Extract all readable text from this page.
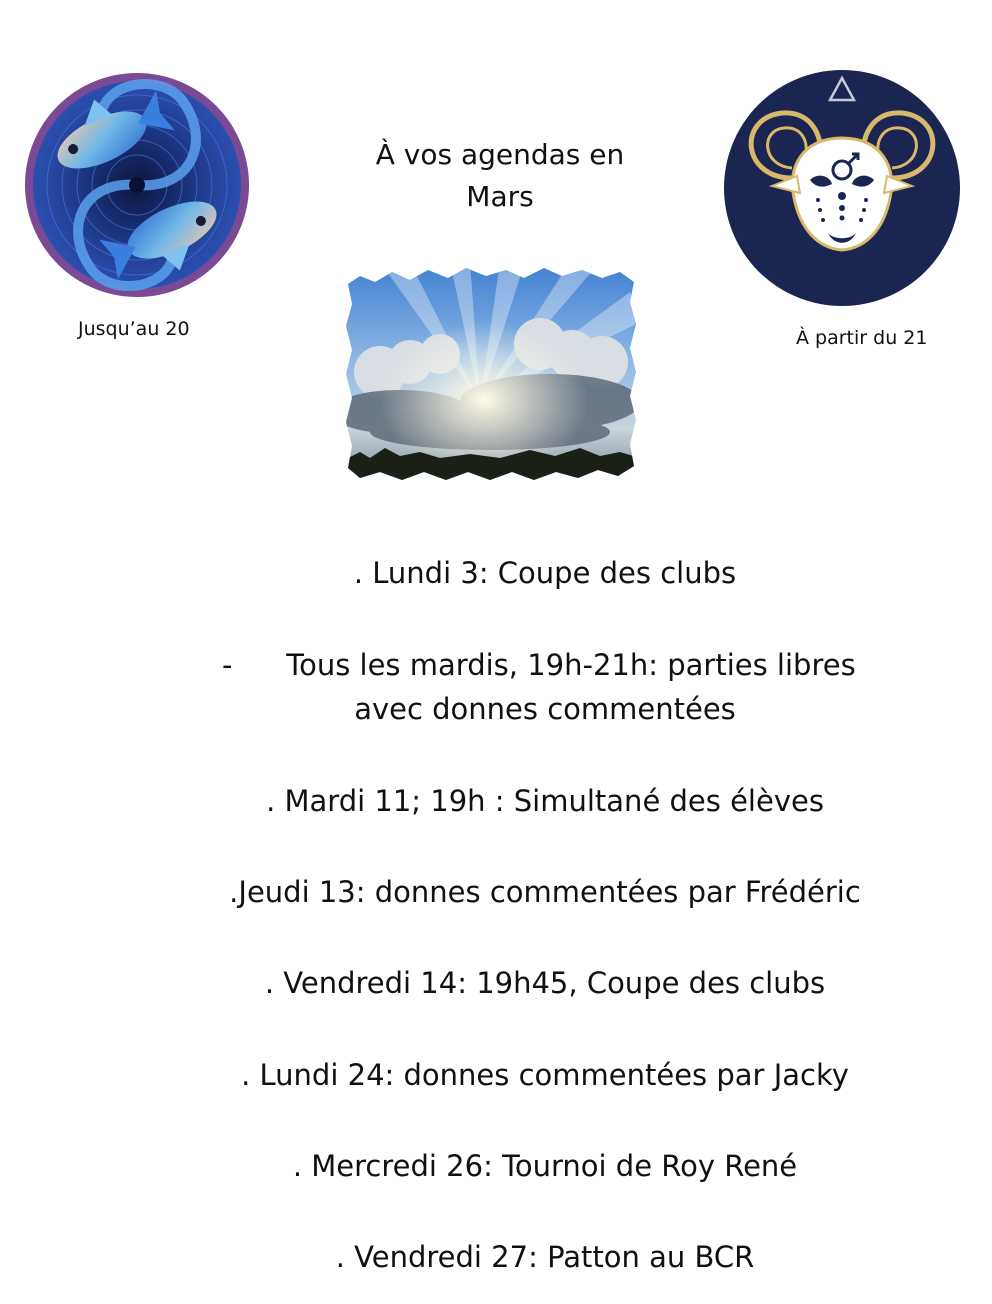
Jusqu’au 20
À vos agendas en
Mars
À partir du 21
. Lundi 3: Coupe des clubs
-	Tous les mardis, 19h-21h: parties libres
avec donnes commentées
. Mardi 11; 19h : Simultané des élèves
.Jeudi 13: donnes commentées par Frédéric
. Vendredi 14: 19h45, Coupe des clubs
. Lundi 24: donnes commentées par Jacky
. Mercredi 26: Tournoi de Roy René
. Vendredi 27: Patton au BCR
